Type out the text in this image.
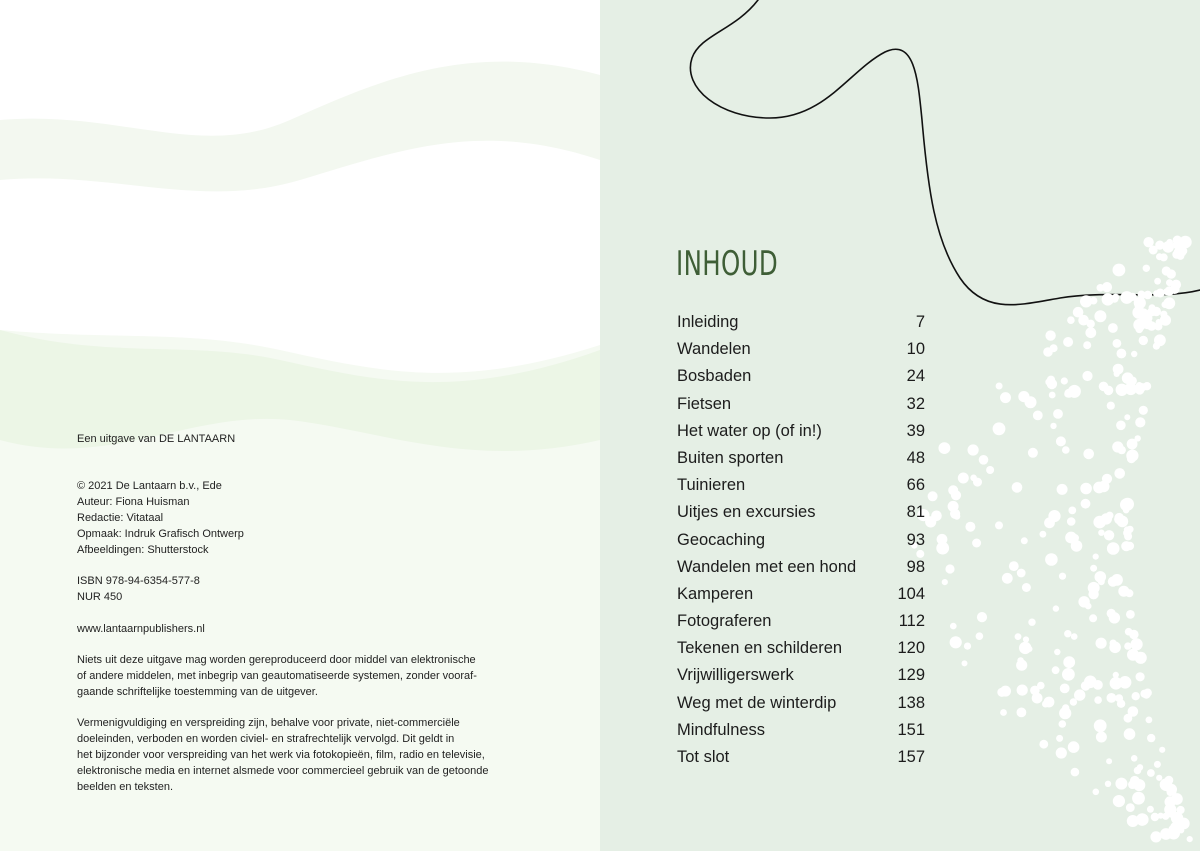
Een uitgave van DE LANTAARN

© 2021 De Lantaarn b.v., Ede

Auteur: Fiona Huisman

Redactie: Vitataal

Opmaak: Indruk Grafisch Ontwerp

Afbeeldingen: Shutterstock

ISBN 978-94-6354-577-8

NUR 450

www.lantaarnpublishers.nl

Niets uit deze uitgave mag worden gereproduceerd door middel van elektronische
of andere middelen, met inbegrip van geautomatiseerde systemen, zonder vooraf-
gaande schriftelijke toestemming van de uitgever.

Vermenigvuldiging en verspreiding zijn, behalve voor private, niet-commerciële
doeleinden, verboden en worden civiel- en strafrechtelijk vervolgd. Dit geldt in
het bijzonder voor verspreiding van het werk via fotokopieën, film, radio en televisie,
elektronische media en internet alsmede voor commercieel gebruik van de getoonde
beelden en teksten.

INHOUD
Inleiding	7
Wandelen	10
Bosbaden	24
Fietsen	32
Het water op (of in!)	39
Buiten sporten	48
Tuinieren	66
Uitjes en excursies	81
Geocaching	93
Wandelen met een hond	98
Kamperen	104
Fotograferen	112
Tekenen en schilderen	120
Vrijwilligerswerk	129
Weg met de winterdip	138
Mindfulness	151
Tot slot	157
